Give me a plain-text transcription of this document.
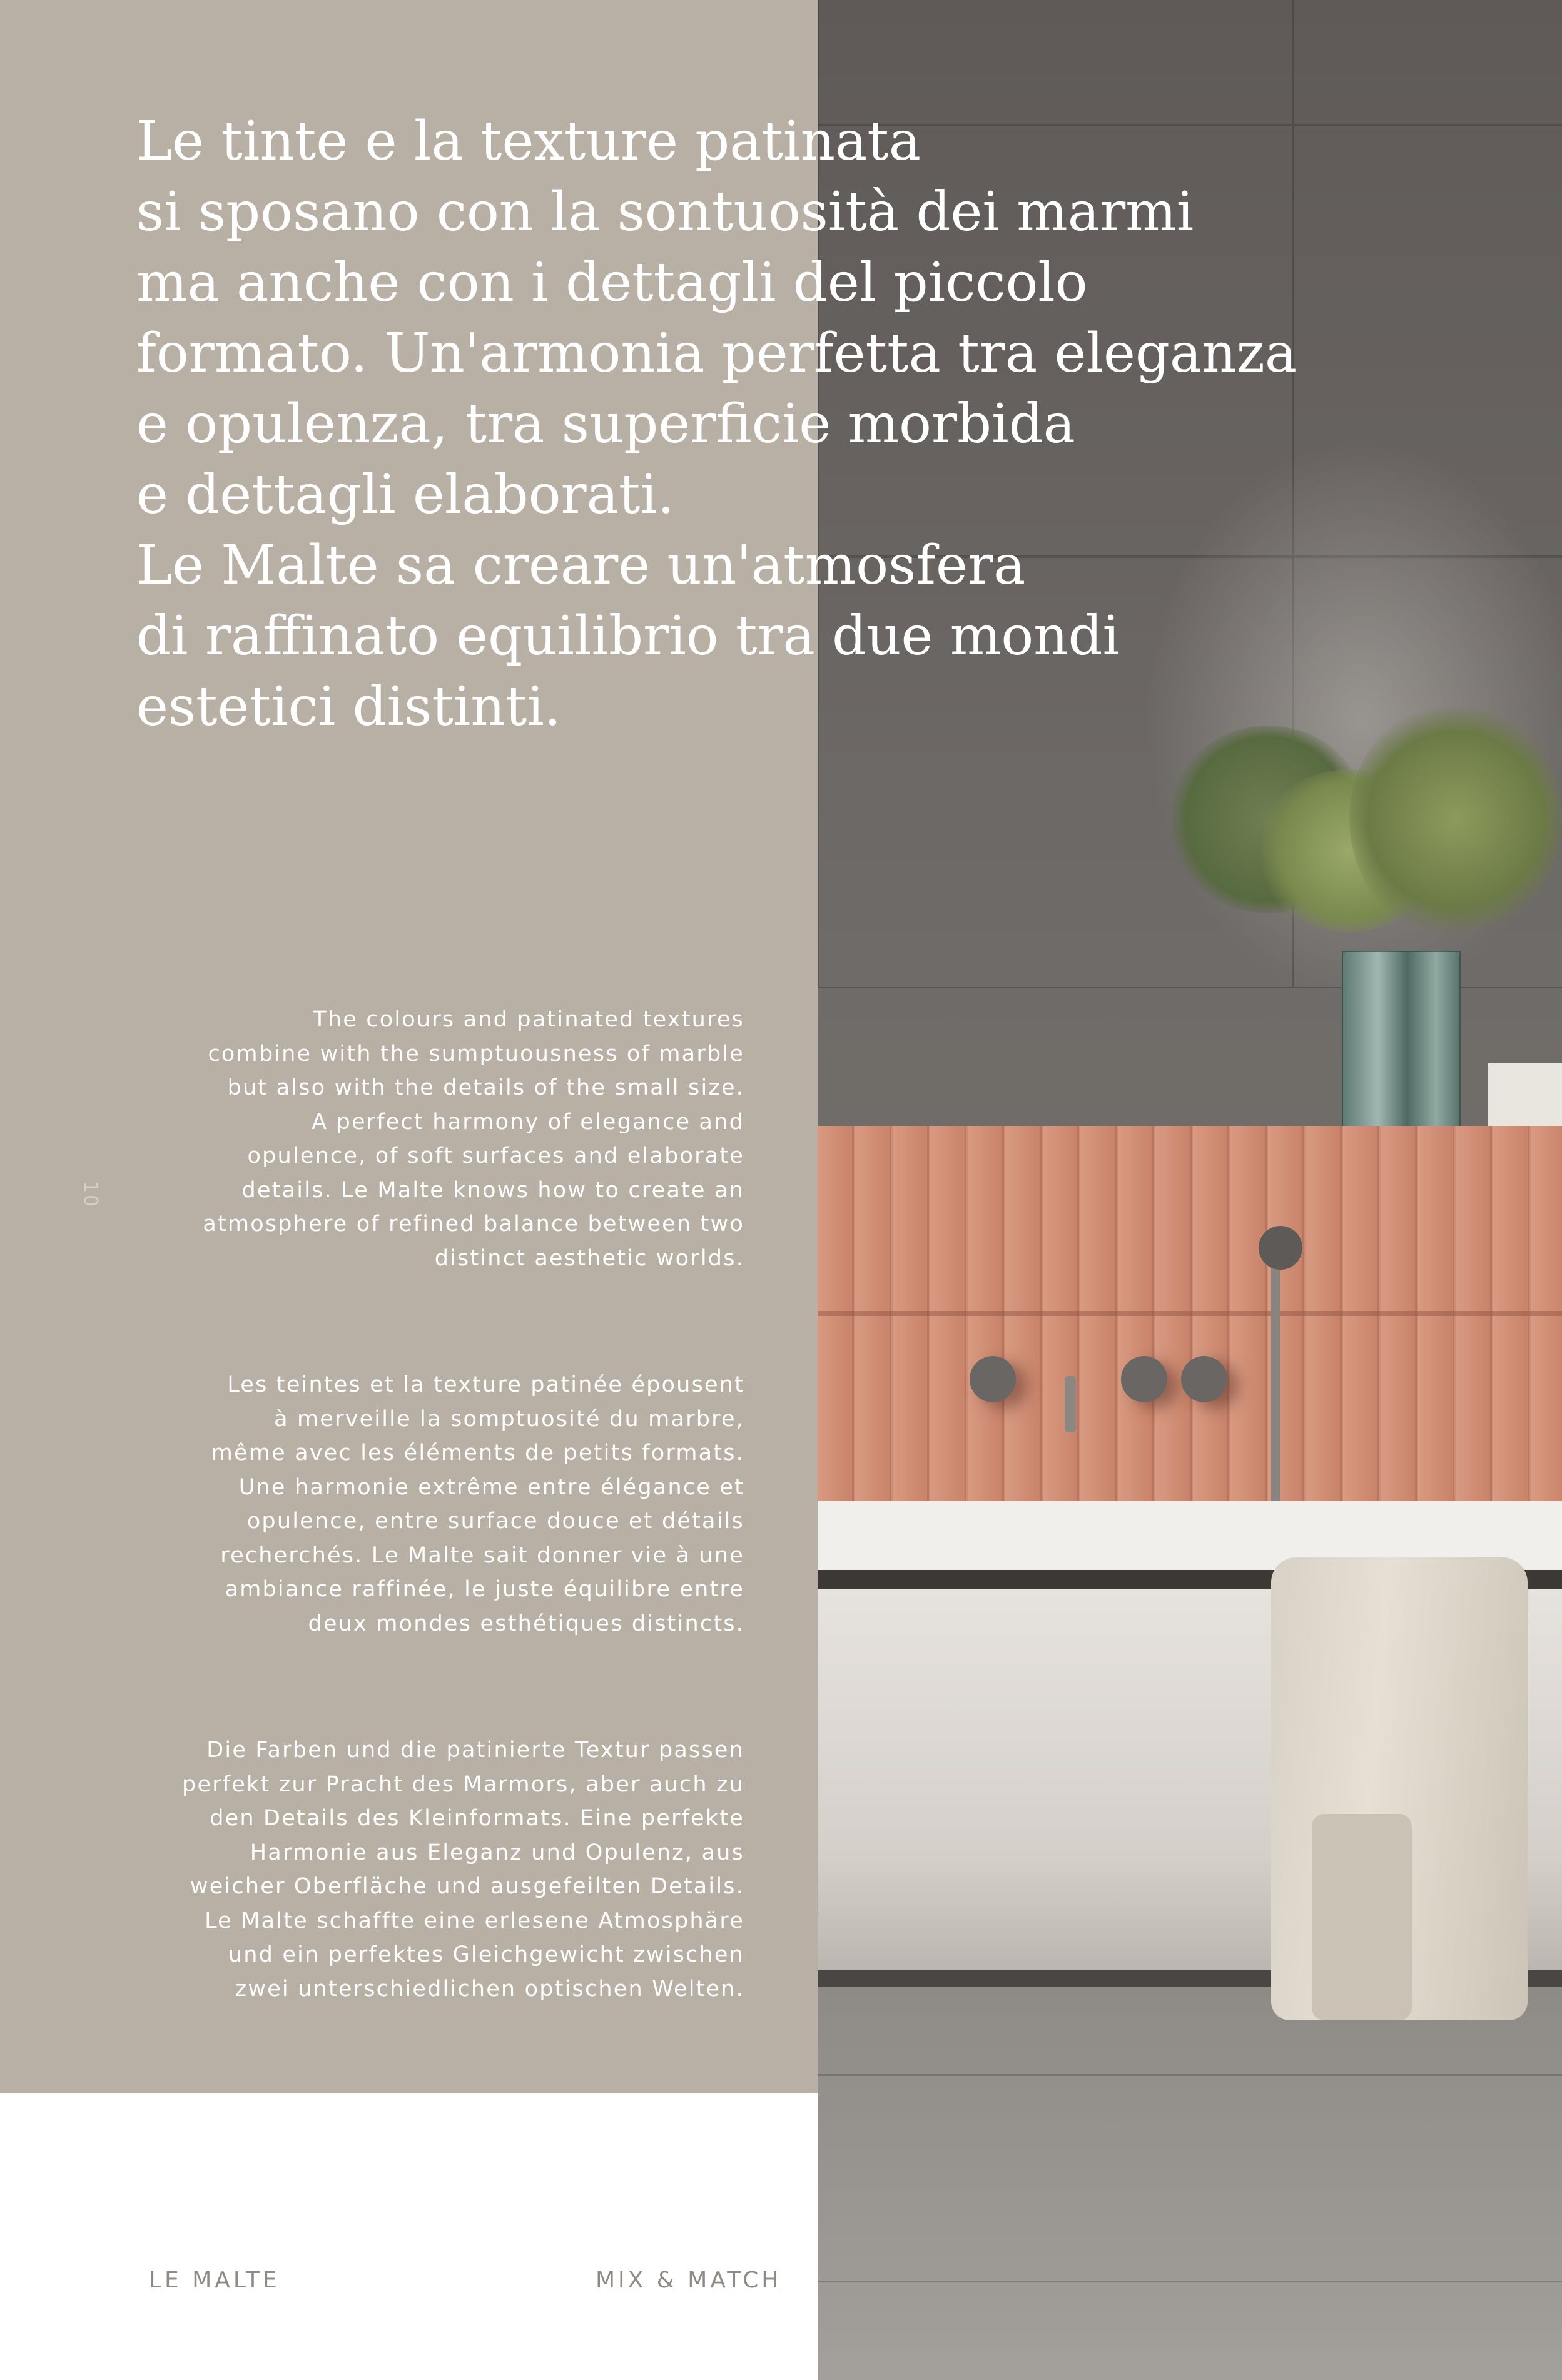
Le tinte e la texture patinata
si sposano con la sontuosità dei marmi
ma anche con i dettagli del piccolo
formato. Un'armonia perfetta tra eleganza
e opulenza, tra superficie morbida
e dettagli elaborati.
Le Malte sa creare un'atmosfera
di raffinato equilibrio tra due mondi
estetici distinti.
The colours and patinated textures
combine with the sumptuousness of marble
but also with the details of the small size.
A perfect harmony of elegance and
opulence, of soft surfaces and elaborate
details. Le Malte knows how to create an
atmosphere of refined balance between two
distinct aesthetic worlds.
Les teintes et la texture patinée épousent
à merveille la somptuosité du marbre,
même avec les éléments de petits formats.
Une harmonie extrême entre élégance et
opulence, entre surface douce et détails
recherchés. Le Malte sait donner vie à une
ambiance raffinée, le juste équilibre entre
deux mondes esthétiques distincts.
Die Farben und die patinierte Textur passen
perfekt zur Pracht des Marmors, aber auch zu
den Details des Kleinformats. Eine perfekte
Harmonie aus Eleganz und Opulenz, aus
weicher Oberfläche und ausgefeilten Details.
Le Malte schaffte eine erlesene Atmosphäre
und ein perfektes Gleichgewicht zwischen
zwei unterschiedlichen optischen Welten.
10
LE MALTE	MIX & MATCH
